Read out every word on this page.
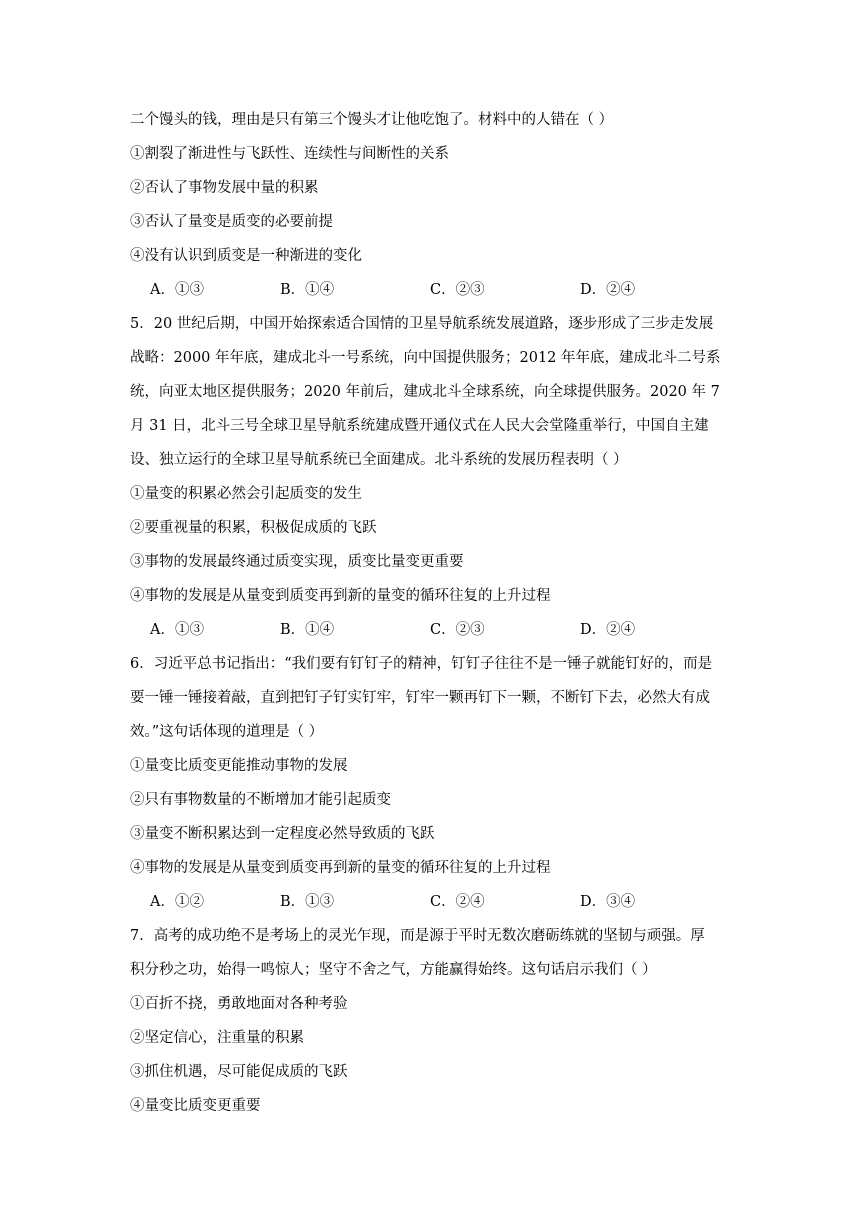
二个馒头的钱，理由是只有第三个馒头才让他吃饱了。材料中的人错在（ ）
①割裂了渐进性与飞跃性、连续性与间断性的关系
②否认了事物发展中量的积累
③否认了量变是质变的必要前提
④没有认识到质变是一种渐进的变化
A．①③	B．①④	C．②③	D．②④
5．20 世纪后期，中国开始探索适合国情的卫星导航系统发展道路，逐步形成了三步走发展
战略：2000 年年底，建成北斗一号系统，向中国提供服务；2012 年年底，建成北斗二号系
统，向亚太地区提供服务；2020 年前后，建成北斗全球系统，向全球提供服务。2020 年 7
月 31 日，北斗三号全球卫星导航系统建成暨开通仪式在人民大会堂隆重举行，中国自主建
设、独立运行的全球卫星导航系统已全面建成。北斗系统的发展历程表明（ ）
①量变的积累必然会引起质变的发生
②要重视量的积累，积极促成质的飞跃
③事物的发展最终通过质变实现，质变比量变更重要
④事物的发展是从量变到质变再到新的量变的循环往复的上升过程
A．①③	B．①④	C．②③	D．②④
6．习近平总书记指出：“我们要有钉钉子的精神，钉钉子往往不是一锤子就能钉好的，而是
要一锤一锤接着敲，直到把钉子钉实钉牢，钉牢一颗再钉下一颗，不断钉下去，必然大有成
效。”这句话体现的道理是（ ）
①量变比质变更能推动事物的发展
②只有事物数量的不断增加才能引起质变
③量变不断积累达到一定程度必然导致质的飞跃
④事物的发展是从量变到质变再到新的量变的循环往复的上升过程
A．①②	B．①③	C．②④	D．③④
7．高考的成功绝不是考场上的灵光乍现，而是源于平时无数次磨砺练就的坚韧与顽强。厚
积分秒之功，始得一鸣惊人；坚守不舍之气，方能赢得始终。这句话启示我们（ ）
①百折不挠，勇敢地面对各种考验
②坚定信心，注重量的积累
③抓住机遇，尽可能促成质的飞跃
④量变比质变更重要
